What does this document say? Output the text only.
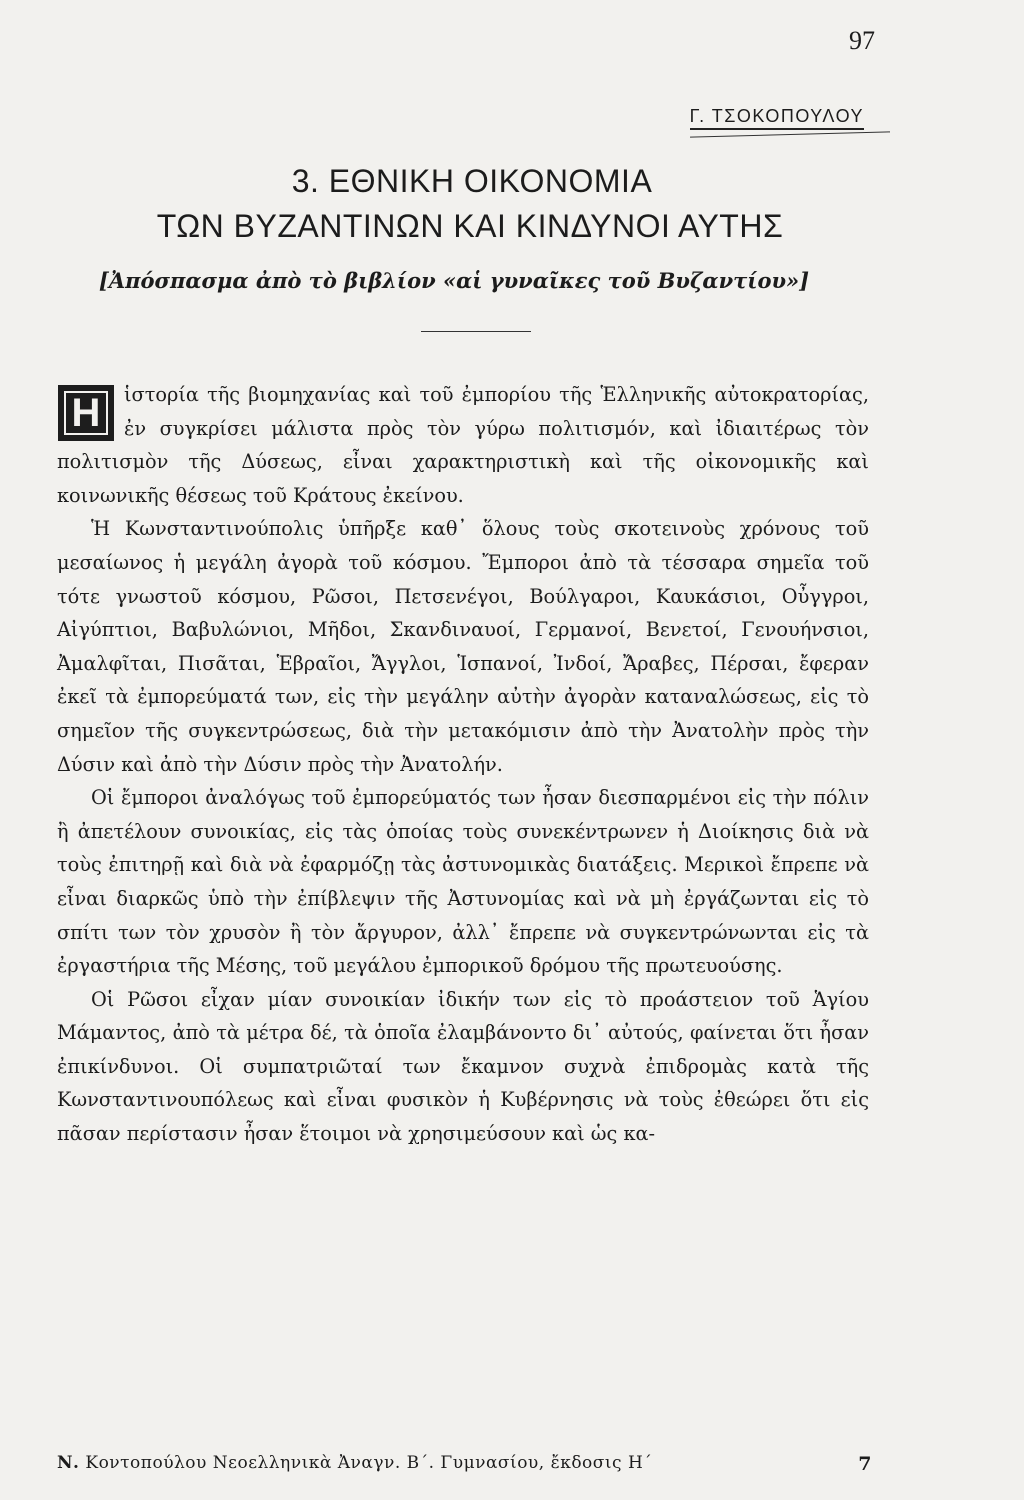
97
Γ. ΤΣΟΚΟΠΟΥΛΟΥ
3. ΕΘΝΙΚΗ ΟΙΚΟΝΟΜΙΑ
ΤΩΝ ΒΥΖΑΝΤΙΝΩΝ ΚΑΙ ΚΙΝΔΥΝΟΙ ΑΥΤΗΣ
[Ἀπόσπασμα ἀπὸ τὸ βιβλίον «αἱ γυναῖκες τοῦ Βυζαντίου»]

Η ἱστορία τῆς βιομηχανίας καὶ τοῦ ἐμπορίου τῆς Ἑλληνικῆς αὐτοκρατορίας, ἐν συγκρίσει μάλιστα πρὸς τὸν γύρω πολιτισμόν, καὶ ἰδιαιτέρως τὸν πολιτισμὸν τῆς Δύσεως, εἶναι χαρακτηριστικὴ καὶ τῆς οἰκονομικῆς καὶ κοινωνικῆς θέσεως τοῦ Κράτους ἐκείνου.

Ἡ Κωνσταντινούπολις ὑπῆρξε καθ᾽ ὅλους τοὺς σκοτεινοὺς χρόνους τοῦ μεσαίωνος ἡ μεγάλη ἀγορὰ τοῦ κόσμου. Ἔμποροι ἀπὸ τὰ τέσσαρα σημεῖα τοῦ τότε γνωστοῦ κόσμου, Ρῶσοι, Πετσενέγοι, Βούλγαροι, Καυκάσιοι, Οὖγγροι, Αἰγύπτιοι, Βαβυλώνιοι, Μῆδοι, Σκανδιναυοί, Γερμανοί, Βενετοί, Γενουήνσιοι, Ἀμαλφῖται, Πισᾶται, Ἑβραῖοι, Ἄγγλοι, Ἱσπανοί, Ἰνδοί, Ἄραβες, Πέρσαι, ἔφεραν ἐκεῖ τὰ ἐμπορεύματά των, εἰς τὴν μεγάλην αὐτὴν ἀγορὰν καταναλώσεως, εἰς τὸ σημεῖον τῆς συγκεντρώσεως, διὰ τὴν μετακόμισιν ἀπὸ τὴν Ἀνατολὴν πρὸς τὴν Δύσιν καὶ ἀπὸ τὴν Δύσιν πρὸς τὴν Ἀνατολήν.

Οἱ ἔμποροι ἀναλόγως τοῦ ἐμπορεύματός των ἦσαν διεσπαρμένοι εἰς τὴν πόλιν ἢ ἀπετέλουν συνοικίας, εἰς τὰς ὁποίας τοὺς συνεκέντρωνεν ἡ Διοίκησις διὰ νὰ τοὺς ἐπιτηρῇ καὶ διὰ νὰ ἐφαρμόζῃ τὰς ἀστυνομικὰς διατάξεις. Μερικοὶ ἔπρεπε νὰ εἶναι διαρκῶς ὑπὸ τὴν ἐπίβλεψιν τῆς Ἀστυνομίας καὶ νὰ μὴ ἐργάζωνται εἰς τὸ σπίτι των τὸν χρυσὸν ἢ τὸν ἄργυρον, ἀλλ᾽ ἔπρεπε νὰ συγκεντρώνωνται εἰς τὰ ἐργαστήρια τῆς Μέσης, τοῦ μεγάλου ἐμπορικοῦ δρόμου τῆς πρωτευούσης.

Οἱ Ρῶσοι εἶχαν μίαν συνοικίαν ἰδικήν των εἰς τὸ προάστειον τοῦ Ἁγίου Μάμαντος, ἀπὸ τὰ μέτρα δέ, τὰ ὁποῖα ἐλαμβάνοντο δι᾽ αὐτούς, φαίνεται ὅτι ἦσαν ἐπικίνδυνοι. Οἱ συμπατριῶταί των ἔκαμνον συχνὰ ἐπιδρομὰς κατὰ τῆς Κωνσταντινουπόλεως καὶ εἶναι φυσικὸν ἡ Κυβέρνησις νὰ τοὺς ἐθεώρει ὅτι εἰς πᾶσαν περίστασιν ἦσαν ἕτοιμοι νὰ χρησιμεύσουν καὶ ὡς κα-

Ν. Κοντοπούλου Νεοελληνικὰ Ἀναγν. Β΄. Γυμνασίου, ἔκδοσις Η΄	7
